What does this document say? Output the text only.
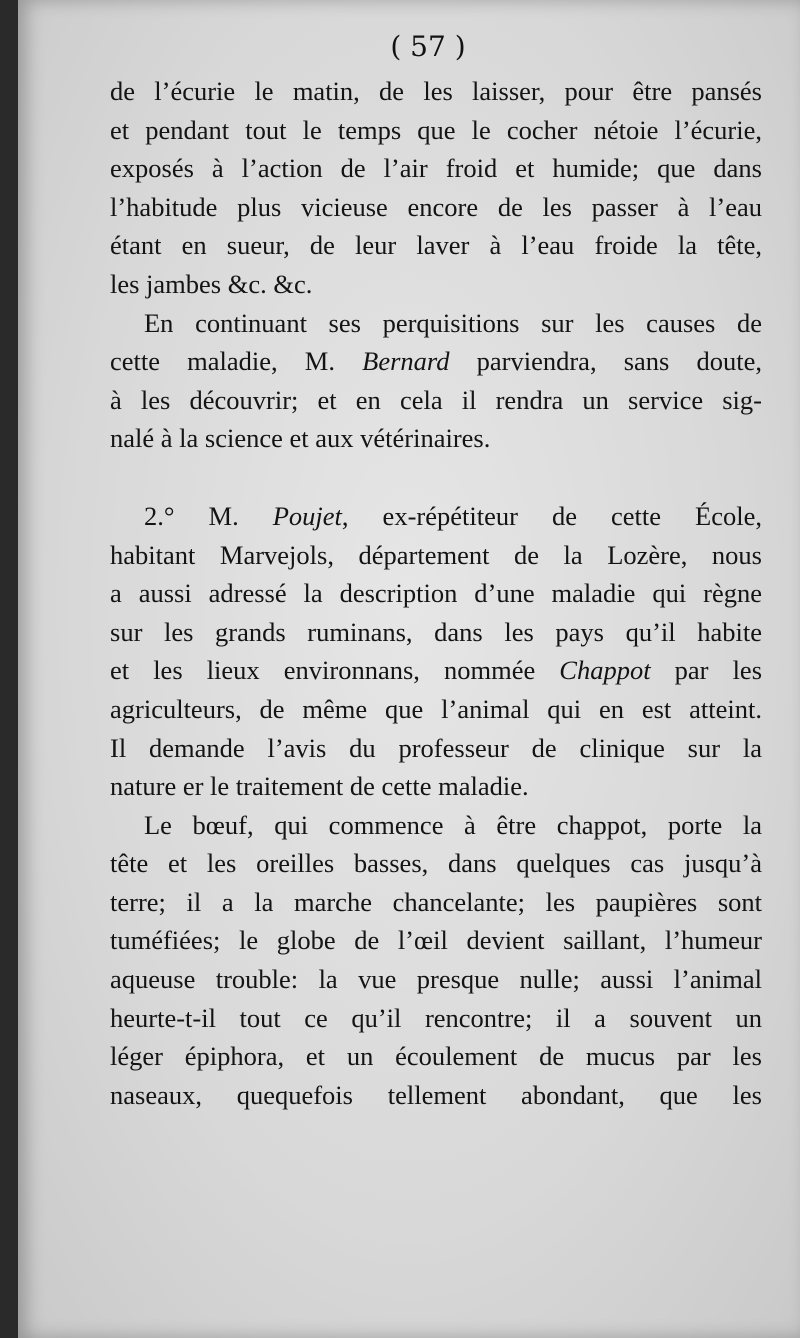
( 57 )
de l’écurie le matin, de les laisser, pour être pansés
et pendant tout le temps que le cocher nétoie l’écurie,
exposés à l’action de l’air froid et humide; que dans
l’habitude plus vicieuse encore de les passer à l’eau
étant en sueur, de leur laver à l’eau froide la tête,
les jambes &c. &c.
En continuant ses perquisitions sur les causes de
cette maladie, M. Bernard parviendra, sans doute,
à les découvrir; et en cela il rendra un service sig-
nalé à la science et aux vétérinaires.
2.° M. Poujet, ex-répétiteur de cette École,
habitant Marvejols, département de la Lozère, nous
a aussi adressé la description d’une maladie qui règne
sur les grands ruminans, dans les pays qu’il habite
et les lieux environnans, nommée Chappot par les
agriculteurs, de même que l’animal qui en est atteint.
Il demande l’avis du professeur de clinique sur la
nature er le traitement de cette maladie.
Le bœuf, qui commence à être chappot, porte la
tête et les oreilles basses, dans quelques cas jusqu’à
terre; il a la marche chancelante; les paupières sont
tuméfiées; le globe de l’œil devient saillant, l’humeur
aqueuse trouble: la vue presque nulle; aussi l’animal
heurte-t-il tout ce qu’il rencontre; il a souvent un
léger épiphora, et un écoulement de mucus par les
naseaux, quequefois tellement abondant, que les
